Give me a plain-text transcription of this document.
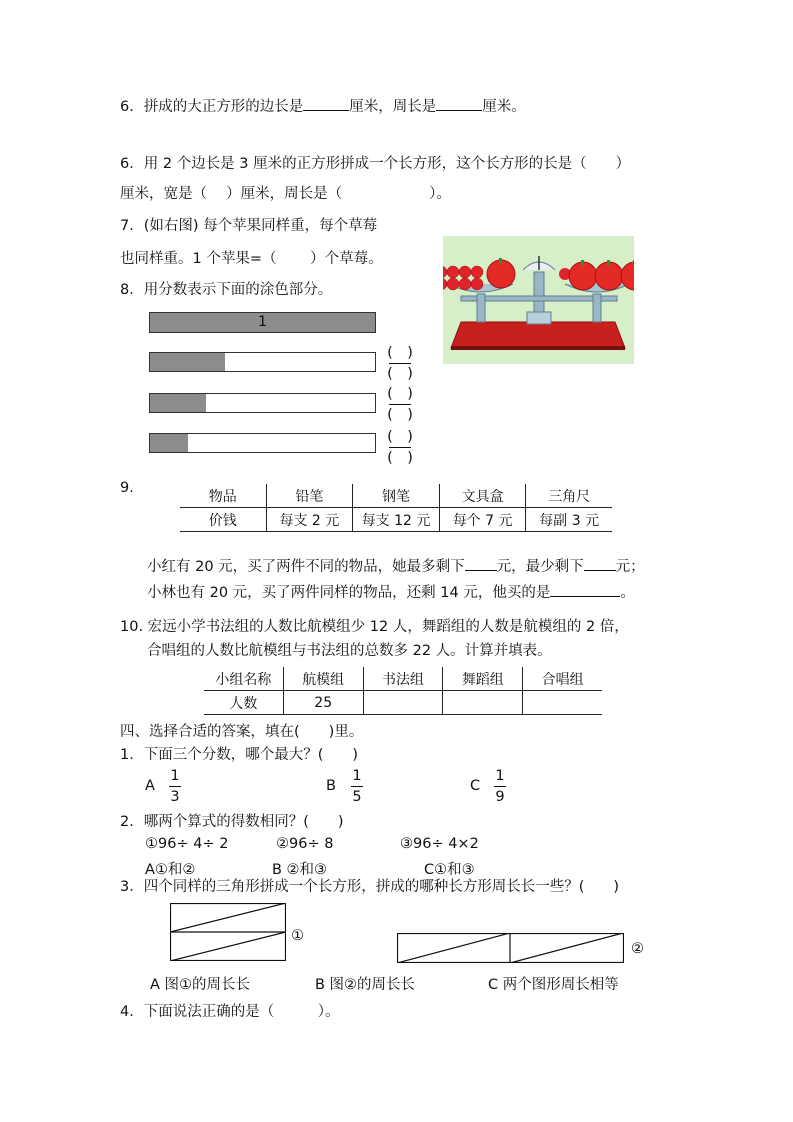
6．拼成的大正方形的边长是	厘米，周长是	厘米。
6．用 2 个边长是 3 厘米的正方形拼成一个长方形，这个长方形的长是（　　）
厘米，宽是（　 ）厘米，周长是（　　　　　　）。
7．(如右图) 每个苹果同样重，每个草莓
也同样重。1 个苹果=（　　 ）个草莓。
8．用分数表示下面的涂色部分。
1
(　)
(　)
(　)
(　)
(　)
(　)
9.
物品	铅笔	钢笔	文具盒	三角尺
价钱	每支 2 元	每支 12 元	每个 7 元	每副 3 元
小红有 20 元，买了两件不同的物品，她最多剩下 元，最少剩下 元；
小林也有 20 元，买了两件同样的物品，还剩 14 元，他买的是	。
10. 宏远小学书法组的人数比航模组少 12 人，舞蹈组的人数是航模组的 2 倍，
合唱组的人数比航模组与书法组的总数多 22 人。计算并填表。
小组名称	航模组	书法组	舞蹈组	合唱组
人数	25			
四、选择合适的答案，填在(　　)里。
1．下面三个分数，哪个最大？(　　)
A
1
3
B
1
5
C
1
9
2．哪两个算式的得数相同？(　　)
①96÷ 4÷ 2	②96÷ 8	③96÷ 4×2
A①和②	B ②和③	C①和③
3．四个同样的三角形拼成一个长方形，拼成的哪种长方形周长长一些？(　　)
①
②
A 图①的周长长	B 图②的周长长	C 两个图形周长相等
4．下面说法正确的是（　　　）。
